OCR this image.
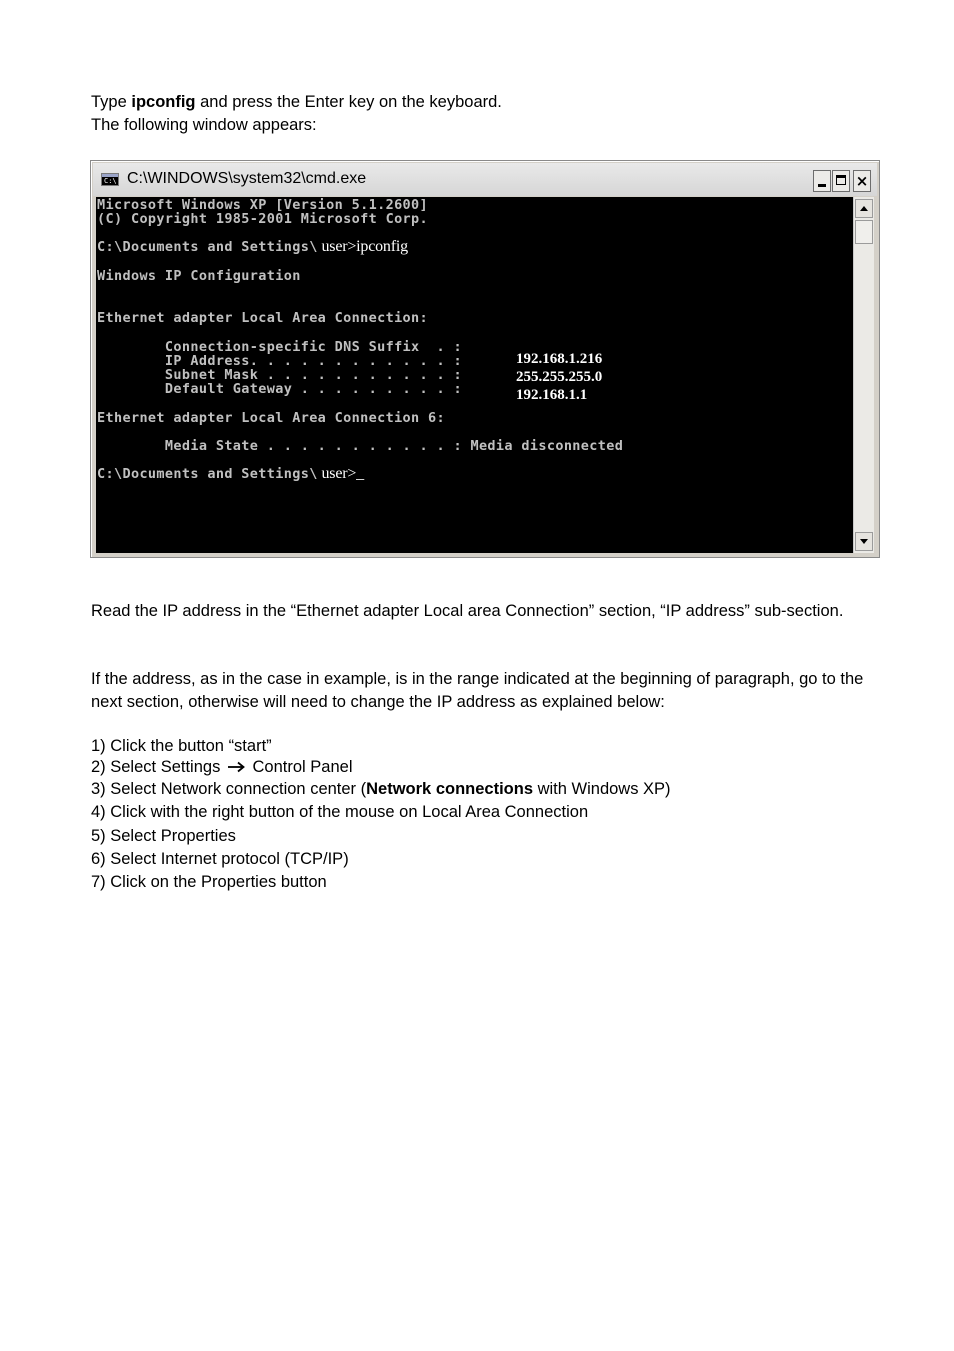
Type ipconfig and press the Enter key on the keyboard.
The following window appears:
C:\ C:\WINDOWS\system32\cmd.exe	×
Microsoft Windows XP [Version 5.1.2600]
(C) Copyright 1985-2001 Microsoft Corp.
C:\Documents and Settings\ user>ipconfig
Windows IP Configuration
Ethernet adapter Local Area Connection:
Connection-specific DNS Suffix  . :
IP Address. . . . . . . . . . . . :
Subnet Mask . . . . . . . . . . . :
Default Gateway . . . . . . . . . :
192.168.1.216
255.255.255.0
192.168.1.1
Ethernet adapter Local Area Connection 6:
Media State . . . . . . . . . . . : Media disconnected
C:\Documents and Settings\ user>_
Read the IP address in the “Ethernet adapter Local area Connection” section, “IP address” sub-section.
If the address, as in the case in example, is in the range indicated at the beginning of paragraph, go to the next section, otherwise will need to change the IP address as explained below:
1) Click the button “start”
2) Select Settings Control Panel
3) Select Network connection center (Network connections with Windows XP)
4) Click with the right button of the mouse on Local Area Connection
5) Select Properties
6) Select Internet protocol (TCP/IP)
7) Click on the Properties button
